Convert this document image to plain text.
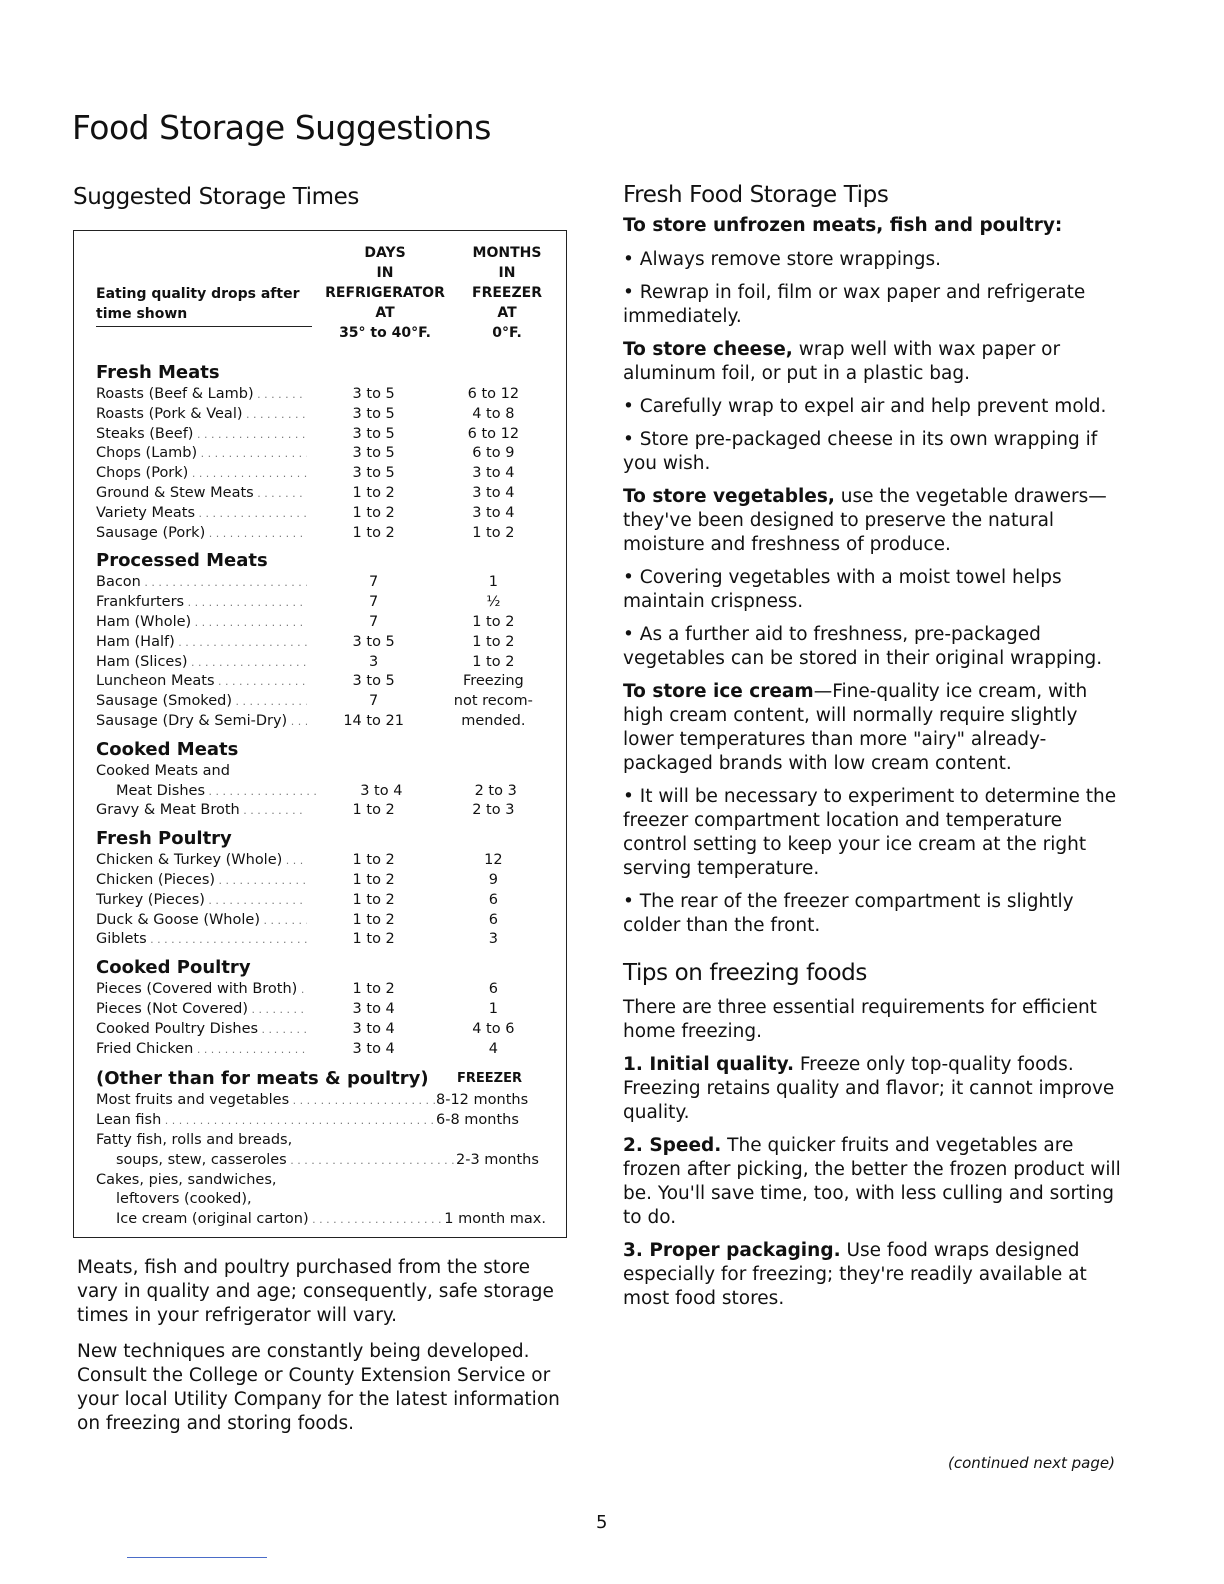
Food Storage Suggestions
Suggested Storage Times
Eating quality drops after time shown
DAYS
IN
REFRIGERATOR
AT
35° to 40°F.
MONTHS
IN
FREEZER
AT
0°F.
Fresh Meats
Roasts (Beef & Lamb) . . .	3 to 5	6 to 12
Roasts (Pork & Veal) . . .	3 to 5	4 to 8
Steaks (Beef) . . .	3 to 5	6 to 12
Chops (Lamb) . . .	3 to 5	6 to 9
Chops (Pork) . . .	3 to 5	3 to 4
Ground & Stew Meats . . .	1 to 2	3 to 4
Variety Meats . . .	1 to 2	3 to 4
Sausage (Pork) . . .	1 to 2	1 to 2
Processed Meats
Bacon . . .	7	1
Frankfurters . . .	7	½
Ham (Whole) . . .	7	1 to 2
Ham (Half) . . .	3 to 5	1 to 2
Ham (Slices) . . .	3	1 to 2
Luncheon Meats . . .	3 to 5	Freezing
Sausage (Smoked) . . .	7	not recom-
Sausage (Dry & Semi-Dry) . . .	14 to 21	mended.
Cooked Meats
Cooked Meats and
Meat Dishes . . .	3 to 4	2 to 3
Gravy & Meat Broth . . .	1 to 2	2 to 3
Fresh Poultry
Chicken & Turkey (Whole) . . .	1 to 2	12
Chicken (Pieces) . . .	1 to 2	9
Turkey (Pieces) . . .	1 to 2	6
Duck & Goose (Whole) . . .	1 to 2	6
Giblets . . .	1 to 2	3
Cooked Poultry
Pieces (Covered with Broth) . . .	1 to 2	6
Pieces (Not Covered) . . .	3 to 4	1
Cooked Poultry Dishes . . .	3 to 4	4 to 6
Fried Chicken . . .	3 to 4	4
(Other than for meats & poultry) FREEZER
Most fruits and vegetables . . .	8-12 months
Lean fish . . .	6-8 months
Fatty fish, rolls and breads,
soups, stew, casseroles . . .	2-3 months
Cakes, pies, sandwiches,
leftovers (cooked),
Ice cream (original carton) . . .	1 month max.

Meats, fish and poultry purchased from the store vary in quality and age; consequently, safe storage times in your refrigerator will vary.

New techniques are constantly being developed. Consult the College or County Extension Service or your local Utility Company for the latest information on freezing and storing foods.

Fresh Food Storage Tips
To store unfrozen meats, fish and poultry:

• Always remove store wrappings.

• Rewrap in foil, film or wax paper and refrigerate immediately.

To store cheese, wrap well with wax paper or aluminum foil, or put in a plastic bag.

• Carefully wrap to expel air and help prevent mold.

• Store pre-packaged cheese in its own wrapping if you wish.

To store vegetables, use the vegetable drawers—they've been designed to preserve the natural moisture and freshness of produce.

• Covering vegetables with a moist towel helps maintain crispness.

• As a further aid to freshness, pre-packaged vegetables can be stored in their original wrapping.

To store ice cream—Fine-quality ice cream, with high cream content, will normally require slightly lower temperatures than more "airy" already-packaged brands with low cream content.

• It will be necessary to experiment to determine the freezer compartment location and temperature control setting to keep your ice cream at the right serving temperature.

• The rear of the freezer compartment is slightly colder than the front.

Tips on freezing foods

There are three essential requirements for efficient home freezing.

1. Initial quality. Freeze only top-quality foods. Freezing retains quality and flavor; it cannot improve quality.

2. Speed. The quicker fruits and vegetables are frozen after picking, the better the frozen product will be. You'll save time, too, with less culling and sorting to do.

3. Proper packaging. Use food wraps designed especially for freezing; they're readily available at most food stores.

(continued next page)
5
